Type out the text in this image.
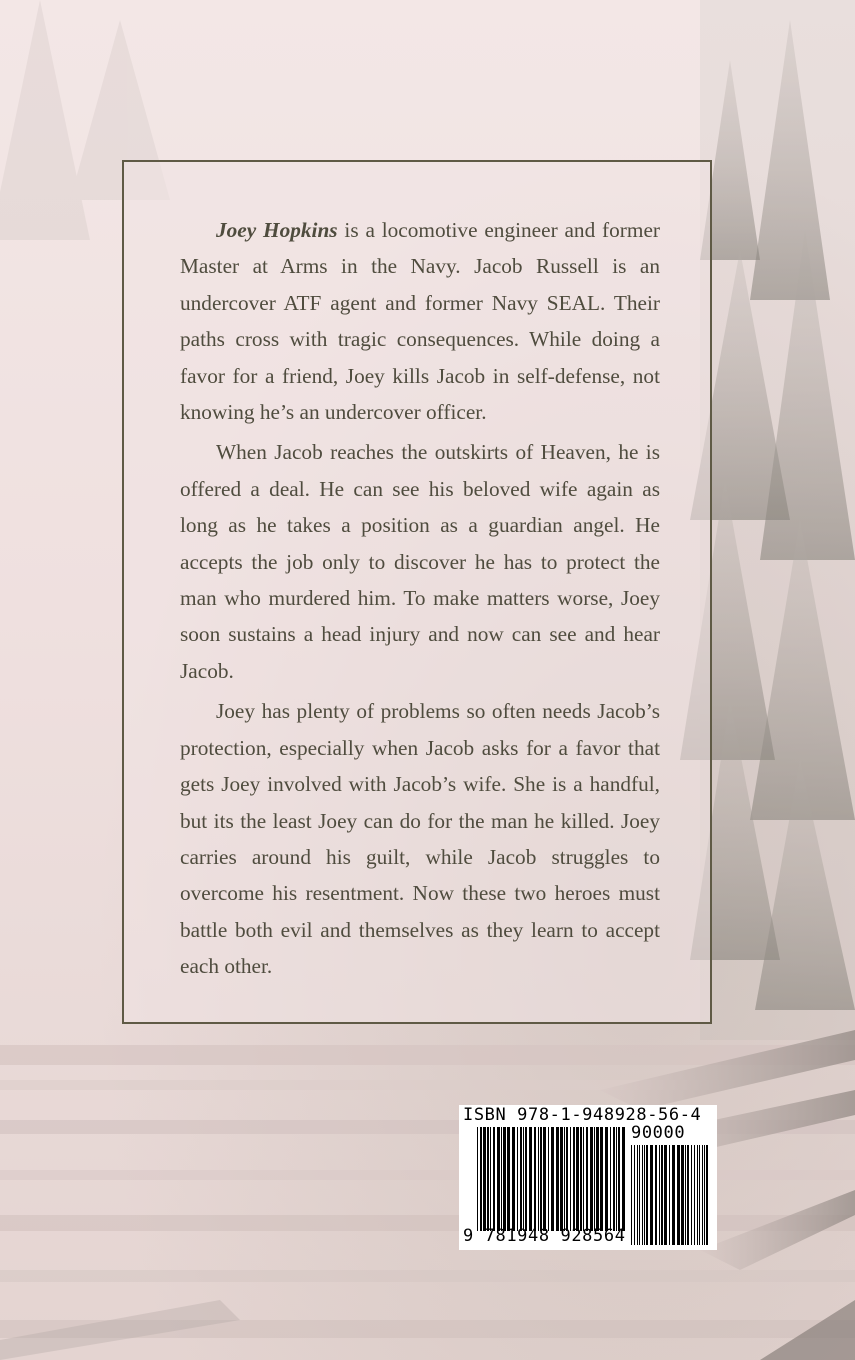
Joey Hopkins is a locomotive engineer and former Master at Arms in the Navy. Jacob Russell is an undercover ATF agent and former Navy SEAL. Their paths cross with tragic consequences. While doing a favor for a friend, Joey kills Jacob in self-defense, not knowing he’s an undercover officer.

When Jacob reaches the outskirts of Heaven, he is offered a deal. He can see his beloved wife again as long as he takes a position as a guardian angel. He accepts the job only to discover he has to protect the man who murdered him. To make matters worse, Joey soon sustains a head injury and now can see and hear Jacob.

Joey has plenty of problems so often needs Jacob’s protection, especially when Jacob asks for a favor that gets Joey involved with Jacob’s wife. She is a handful, but its the least Joey can do for the man he killed. Joey carries around his guilt, while Jacob struggles to overcome his resentment. Now these two heroes must battle both evil and themselves as they learn to accept each other.

ISBN 978-1-948928-56-4
90000
9 781948 928564
